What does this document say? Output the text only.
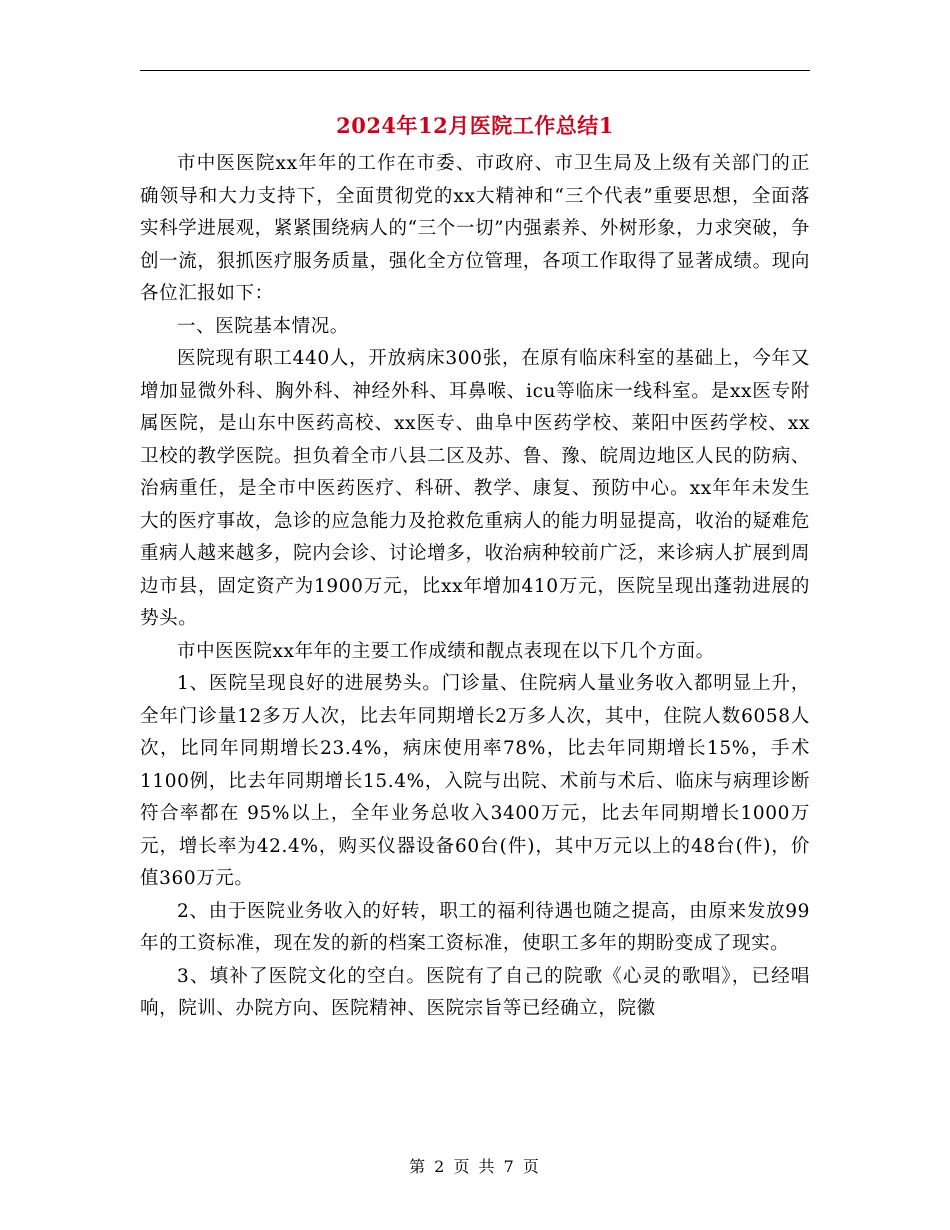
2024年12月医院工作总结1

市中医医院xx年年的工作在市委、市政府、市卫生局及上级有关部门的正确领导和大力支持下，全面贯彻党的xx大精神和“三个代表”重要思想，全面落实科学进展观，紧紧围绕病人的“三个一切”内强素养、外树形象，力求突破，争创一流，狠抓医疗服务质量，强化全方位管理，各项工作取得了显著成绩。现向各位汇报如下：

一、医院基本情况。

医院现有职工440人，开放病床300张，在原有临床科室的基础上，今年又增加显微外科、胸外科、神经外科、耳鼻喉、icu等临床一线科室。是xx医专附属医院，是山东中医药高校、xx医专、曲阜中医药学校、莱阳中医药学校、xx卫校的教学医院。担负着全市八县二区及苏、鲁、豫、皖周边地区人民的防病、治病重任，是全市中医药医疗、科研、教学、康复、预防中心。xx年年未发生大的医疗事故，急诊的应急能力及抢救危重病人的能力明显提高，收治的疑难危重病人越来越多，院内会诊、讨论增多，收治病种较前广泛，来诊病人扩展到周边市县，固定资产为1900万元，比xx年增加410万元，医院呈现出蓬勃进展的势头。

市中医医院xx年年的主要工作成绩和靓点表现在以下几个方面。

1、医院呈现良好的进展势头。门诊量、住院病人量业务收入都明显上升，全年门诊量12多万人次，比去年同期增长2万多人次，其中，住院人数6058人次，比同年同期增长23.4%，病床使用率78%，比去年同期增长15%，手术1100例，比去年同期增长15.4%，入院与出院、术前与术后、临床与病理诊断符合率都在 95%以上，全年业务总收入3400万元，比去年同期增长1000万元，增长率为42.4%，购买仪器设备60台(件)，其中万元以上的48台(件)，价值360万元。

2、由于医院业务收入的好转，职工的福利待遇也随之提高，由原来发放99年的工资标准，现在发的新的档案工资标准，使职工多年的期盼变成了现实。

3、填补了医院文化的空白。医院有了自己的院歌《心灵的歌唱》，已经唱响，院训、办院方向、医院精神、医院宗旨等已经确立，院徽

第 2 页 共 7 页
